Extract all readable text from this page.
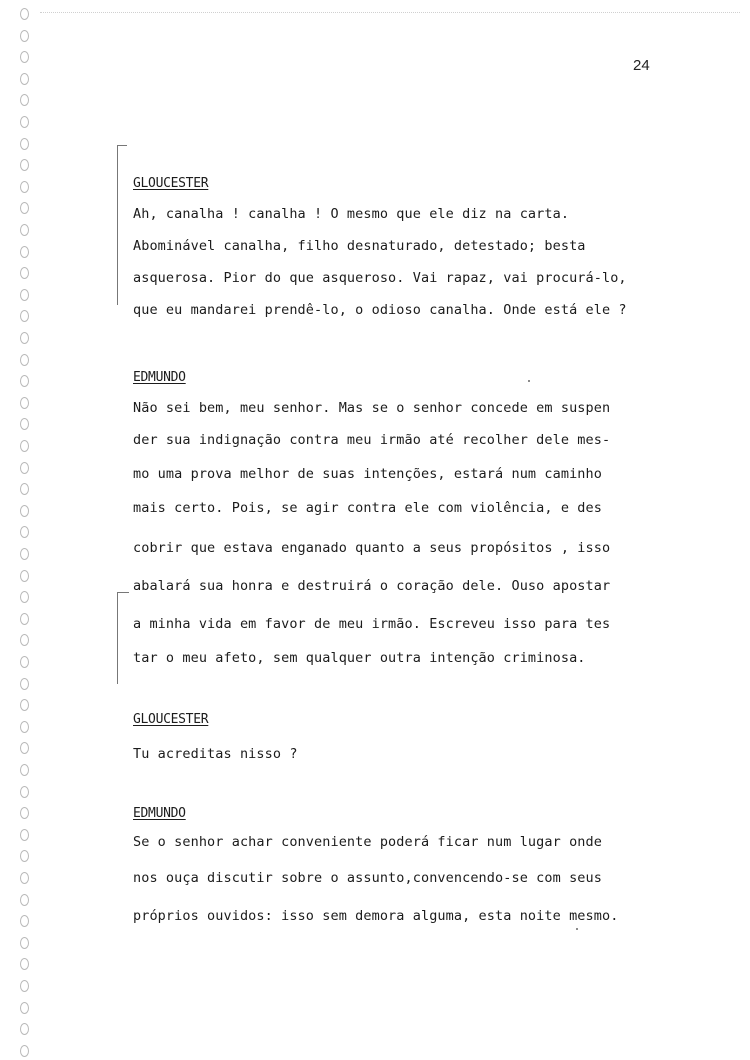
24
GLOUCESTER
Ah, canalha ! canalha ! O mesmo que ele diz na carta.
Abominável canalha, filho desnaturado, detestado; besta
asquerosa. Pior do que asqueroso. Vai rapaz, vai procurá-lo,
que eu mandarei prendê-lo, o odioso canalha. Onde está ele ?
EDMUNDO
Não sei bem, meu senhor. Mas se o senhor concede em suspen
der sua indignação contra meu irmão até recolher dele mes-
mo uma prova melhor de suas intenções, estará num caminho
mais certo. Pois, se agir contra ele com violência, e des
cobrir que estava enganado quanto a seus propósitos , isso
abalará sua honra e destruirá o coração dele. Ouso apostar
a minha vida em favor de meu irmão. Escreveu isso para tes
tar o meu afeto, sem qualquer outra intenção criminosa.
GLOUCESTER
Tu acreditas nisso ?
EDMUNDO
Se o senhor achar conveniente poderá ficar num lugar onde
nos ouça discutir sobre o assunto,convencendo-se com seus
próprios ouvidos: isso sem demora alguma, esta noite mesmo.
